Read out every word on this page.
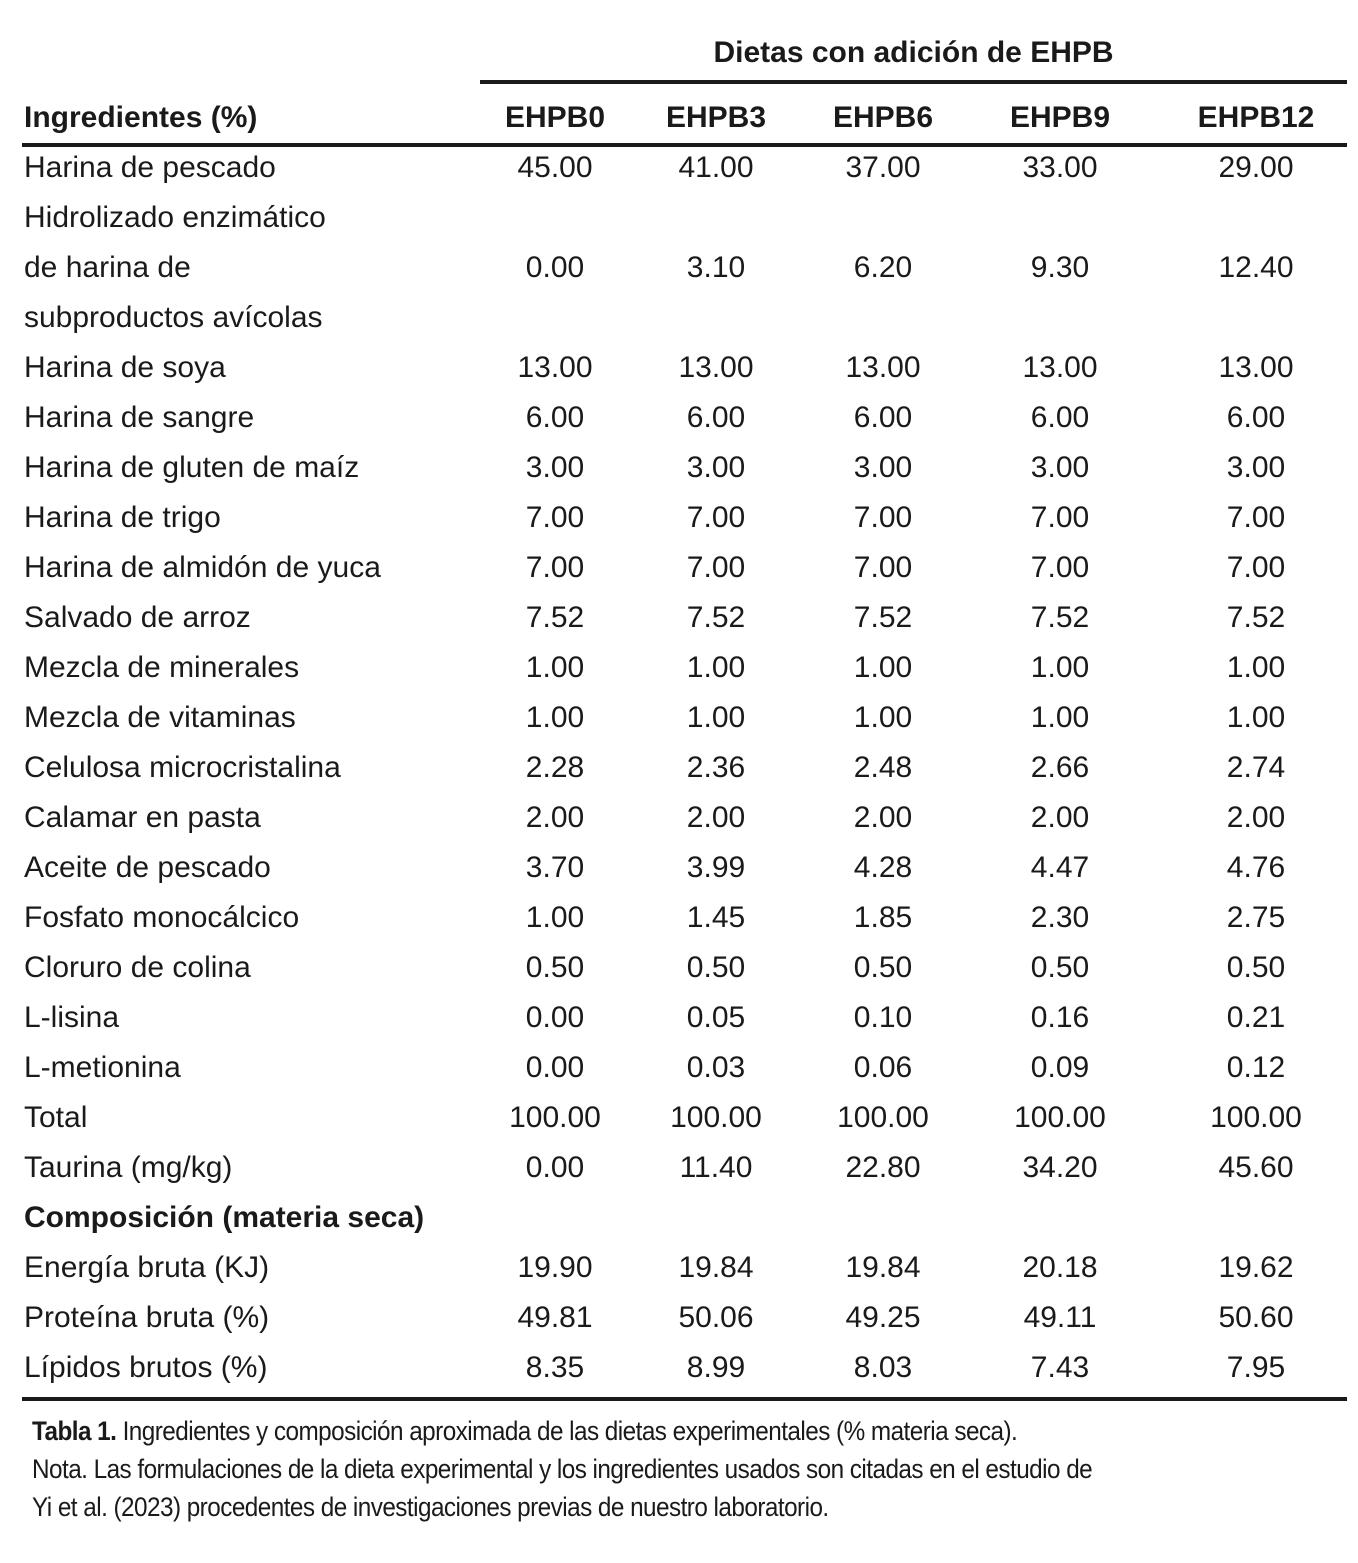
Dietas con adición de EHPB
Ingredientes (%)	EHPB0	EHPB3	EHPB6	EHPB9	EHPB12
Harina de pescado	45.00	41.00	37.00	33.00	29.00
Hidrolizado enzimático
de harina de
subproductos avícolas
0.00	3.10	6.20	9.30	12.40
Harina de soya	13.00	13.00	13.00	13.00	13.00
Harina de sangre	6.00	6.00	6.00	6.00	6.00
Harina de gluten de maíz	3.00	3.00	3.00	3.00	3.00
Harina de trigo	7.00	7.00	7.00	7.00	7.00
Harina de almidón de yuca	7.00	7.00	7.00	7.00	7.00
Salvado de arroz	7.52	7.52	7.52	7.52	7.52
Mezcla de minerales	1.00	1.00	1.00	1.00	1.00
Mezcla de vitaminas	1.00	1.00	1.00	1.00	1.00
Celulosa microcristalina	2.28	2.36	2.48	2.66	2.74
Calamar en pasta	2.00	2.00	2.00	2.00	2.00
Aceite de pescado	3.70	3.99	4.28	4.47	4.76
Fosfato monocálcico	1.00	1.45	1.85	2.30	2.75
Cloruro de colina	0.50	0.50	0.50	0.50	0.50
L-lisina	0.00	0.05	0.10	0.16	0.21
L-metionina	0.00	0.03	0.06	0.09	0.12
Total	100.00	100.00	100.00	100.00	100.00
Taurina (mg/kg)	0.00	11.40	22.80	34.20	45.60
Composición (materia seca)
Energía bruta (KJ)	19.90	19.84	19.84	20.18	19.62
Proteína bruta (%)	49.81	50.06	49.25	49.11	50.60
Lípidos brutos (%)	8.35	8.99	8.03	7.43	7.95
Tabla 1. Ingredientes y composición aproximada de las dietas experimentales (% materia seca).
Nota. Las formulaciones de la dieta experimental y los ingredientes usados son citadas en el estudio de
Yi et al. (2023) procedentes de investigaciones previas de nuestro laboratorio.
